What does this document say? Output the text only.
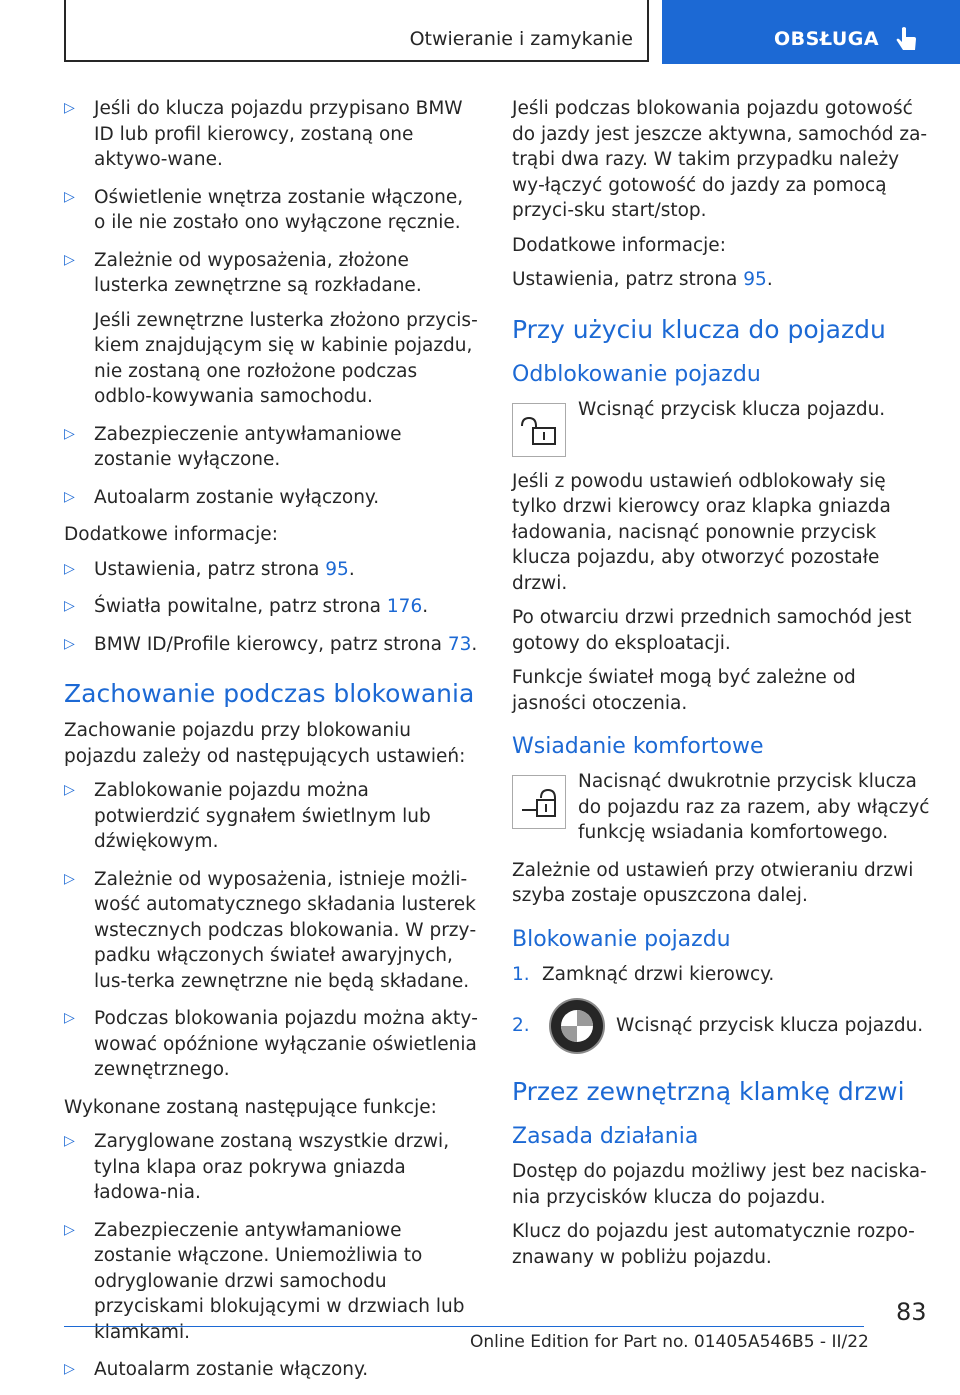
Otwieranie i zamykanie	OBSŁUGA
▷ Jeśli do klucza pojazdu przypisano BMW ID lub profil kierowcy, zostaną one aktywo‐wane.
▷ Oświetlenie wnętrza zostanie włączone, o ile nie zostało ono wyłączone ręcznie.
▷ Zależnie od wyposażenia, złożone lusterka zewnętrzne są rozkładane.

Jeśli zewnętrzne lusterka złożono przycis‐kiem znajdującym się w kabinie pojazdu, nie zostaną one rozłożone podczas odblo‐kowywania samochodu.

▷ Zabezpieczenie antywłamaniowe zostanie wyłączone.
▷ Autoalarm zostanie wyłączony.

Dodatkowe informacje:

▷ Ustawienia, patrz strona 95.
▷ Światła powitalne, patrz strona 176.
▷ BMW ID/Profile kierowcy, patrz strona 73.
Zachowanie podczas blokowania

Zachowanie pojazdu przy blokowaniu pojazdu zależy od następujących ustawień:

▷ Zablokowanie pojazdu można potwierdzić sygnałem świetlnym lub dźwiękowym.
▷ Zależnie od wyposażenia, istnieje możli‐wość automatycznego składania lusterek wstecznych podczas blokowania. W przy‐padku włączonych świateł awaryjnych, lus‐terka zewnętrzne nie będą składane.
▷ Podczas blokowania pojazdu można akty‐wować opóźnione wyłączanie oświetlenia zewnętrznego.

Wykonane zostaną następujące funkcje:

▷ Zaryglowane zostaną wszystkie drzwi, tylna klapa oraz pokrywa gniazda ładowa‐nia.
▷ Zabezpieczenie antywłamaniowe zostanie włączone. Uniemożliwia to odryglowanie drzwi samochodu przyciskami blokującymi w drzwiach lub klamkami.
▷ Autoalarm zostanie włączony.

Jeśli podczas blokowania pojazdu gotowość do jazdy jest jeszcze aktywna, samochód za‐trąbi dwa razy. W takim przypadku należy wy‐łączyć gotowość do jazdy za pomocą przyci‐sku start/stop.

Dodatkowe informacje:

Ustawienia, patrz strona 95.

Przy użyciu klucza do pojazdu
Odblokowanie pojazdu

Wcisnąć przycisk klucza pojazdu.

Jeśli z powodu ustawień odblokowały się tylko drzwi kierowcy oraz klapka gniazda ładowania, nacisnąć ponownie przycisk klucza pojazdu, aby otworzyć pozostałe drzwi.

Po otwarciu drzwi przednich samochód jest gotowy do eksploatacji.

Funkcje świateł mogą być zależne od jasności otoczenia.

Wsiadanie komfortowe

Nacisnąć dwukrotnie przycisk klucza do pojazdu raz za razem, aby włączyć funkcję wsiadania komfortowego.

Zależnie od ustawień przy otwieraniu drzwi szyba zostaje opuszczona dalej.

Blokowanie pojazdu
1. Zamknąć drzwi kierowcy.

2.	Wcisnąć przycisk klucza pojazdu.

Przez zewnętrzną klamkę drzwi
Zasada działania

Dostęp do pojazdu możliwy jest bez naciska‐nia przycisków klucza do pojazdu.

Klucz do pojazdu jest automatycznie rozpo‐znawany w pobliżu pojazdu.

83
Online Edition for Part no. 01405A546B5 - II/22
